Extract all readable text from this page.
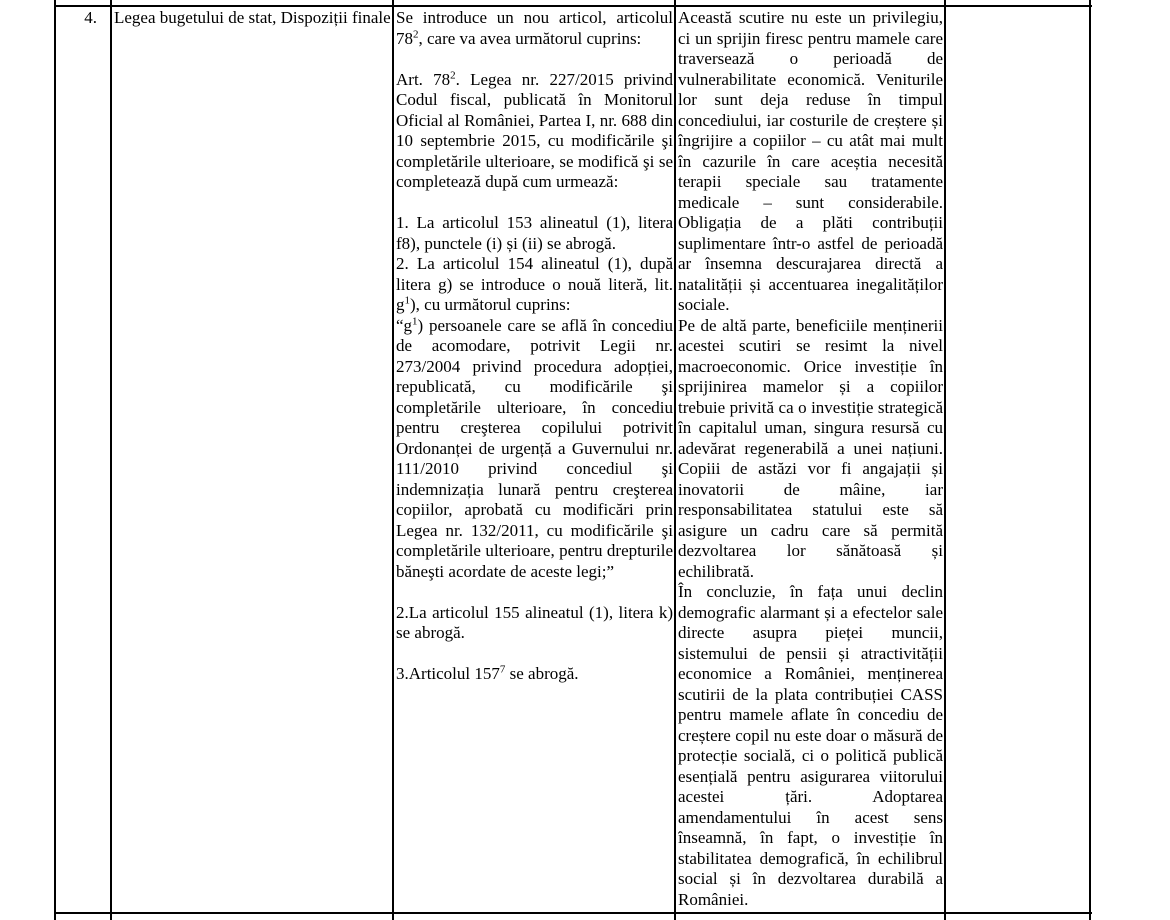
4. Legea bugetului de stat, Dispoziții finale Se introduce un nou articol, articolul $78^2$, care va avea următorul cuprins:

Art. $78^2$. Legea nr. 227/2015 privind Codul fiscal, publicată în Monitorul Oficial al României, Partea I, nr. 688 din 10 septembrie 2015, cu modificările şi completările ulterioare, se modifică şi se completează după cum urmează:

1. La articolul 153 alineatul (1), litera f8), punctele (i) și (ii) se abrogă.

2. La articolul 154 alineatul (1), după litera g) se introduce o nouă literă, lit. $g^1$), cu următorul cuprins:

“$g^1$) persoanele care se află în concediu de acomodare, potrivit Legii nr. 273/2004 privind procedura adopției, republicată, cu modificările şi completările ulterioare, în concediu pentru creşterea copilului potrivit Ordonanței de urgență a Guvernului nr. 111/2010 privind concediul şi indemnizația lunară pentru creşterea copiilor, aprobată cu modificări prin Legea nr. 132/2011, cu modificările şi completările ulterioare, pentru drepturile băneşti acordate de aceste legi;”

2.La articolul 155 alineatul (1), litera k) se abrogă.

3.Articolul $157^7$ se abrogă.

Această scutire nu este un privilegiu, ci un sprijin firesc pentru mamele care traversează o perioadă de vulnerabilitate economică. Veniturile lor sunt deja reduse în timpul concediului, iar costurile de creștere și îngrijire a copiilor – cu atât mai mult în cazurile în care aceștia necesită terapii speciale sau tratamente medicale – sunt considerabile. Obligația de a plăti contribuții suplimentare într-o astfel de perioadă ar însemna descurajarea directă a natalității și accentuarea inegalităților sociale.

Pe de altă parte, beneficiile menținerii acestei scutiri se resimt la nivel macroeconomic. Orice investiție în sprijinirea mamelor și a copiilor trebuie privită ca o investiție strategică în capitalul uman, singura resursă cu adevărat regenerabilă a unei națiuni. Copiii de astăzi vor fi angajații și inovatorii de mâine, iar responsabilitatea statului este să asigure un cadru care să permită dezvoltarea lor sănătoasă și echilibrată.

În concluzie, în fața unui declin demografic alarmant și a efectelor sale directe asupra pieței muncii, sistemului de pensii și atractivității economice a României, menținerea scutirii de la plata contribuției CASS pentru mamele aflate în concediu de creștere copil nu este doar o măsură de protecție socială, ci o politică publică esențială pentru asigurarea viitorului acestei țări. Adoptarea amendamentului în acest sens înseamnă, în fapt, o investiție în stabilitatea demografică, în echilibrul social și în dezvoltarea durabilă a României.
